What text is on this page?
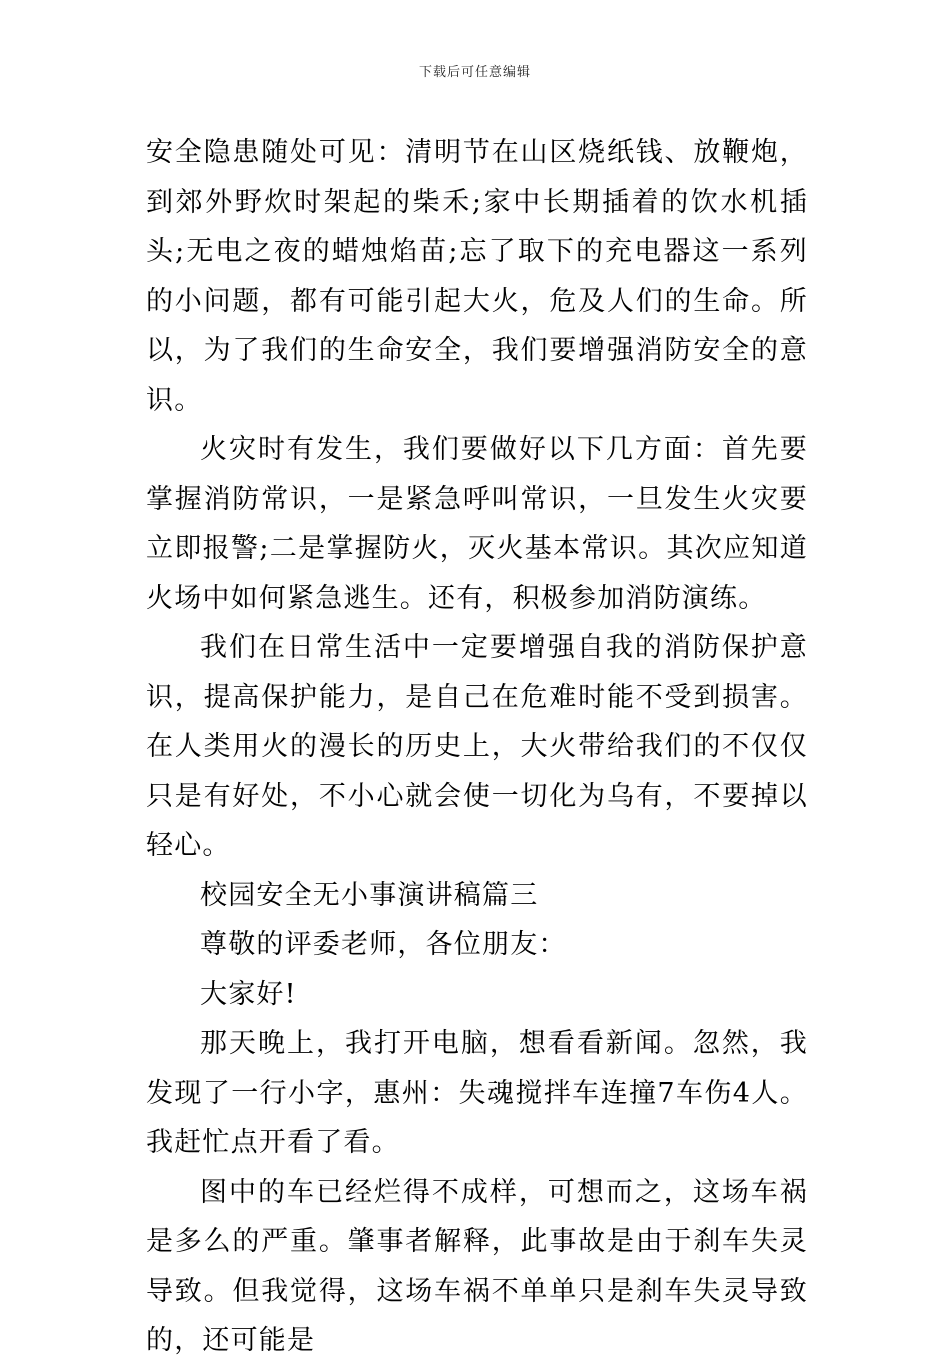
下载后可任意编辑

安全隐患随处可见：清明节在山区烧纸钱、放鞭炮，到郊外野炊时架起的柴禾;家中长期插着的饮水机插头;无电之夜的蜡烛焰苗;忘了取下的充电器这一系列的小问题，都有可能引起大火，危及人们的生命。所以，为了我们的生命安全，我们要增强消防安全的意识。

火灾时有发生，我们要做好以下几方面：首先要掌握消防常识，一是紧急呼叫常识，一旦发生火灾要立即报警;二是掌握防火，灭火基本常识。其次应知道火场中如何紧急逃生。还有，积极参加消防演练。

我们在日常生活中一定要增强自我的消防保护意识，提高保护能力，是自己在危难时能不受到损害。在人类用火的漫长的历史上，大火带给我们的不仅仅只是有好处，不小心就会使一切化为乌有，不要掉以轻心。

校园安全无小事演讲稿篇三

尊敬的评委老师，各位朋友：

大家好!

那天晚上，我打开电脑，想看看新闻。忽然，我发现了一行小字，惠州：失魂搅拌车连撞7车伤4人。我赶忙点开看了看。

图中的车已经烂得不成样，可想而之，这场车祸是多么的严重。肇事者解释，此事故是由于刹车失灵导致。但我觉得，这场车祸不单单只是刹车失灵导致的，还可能是
